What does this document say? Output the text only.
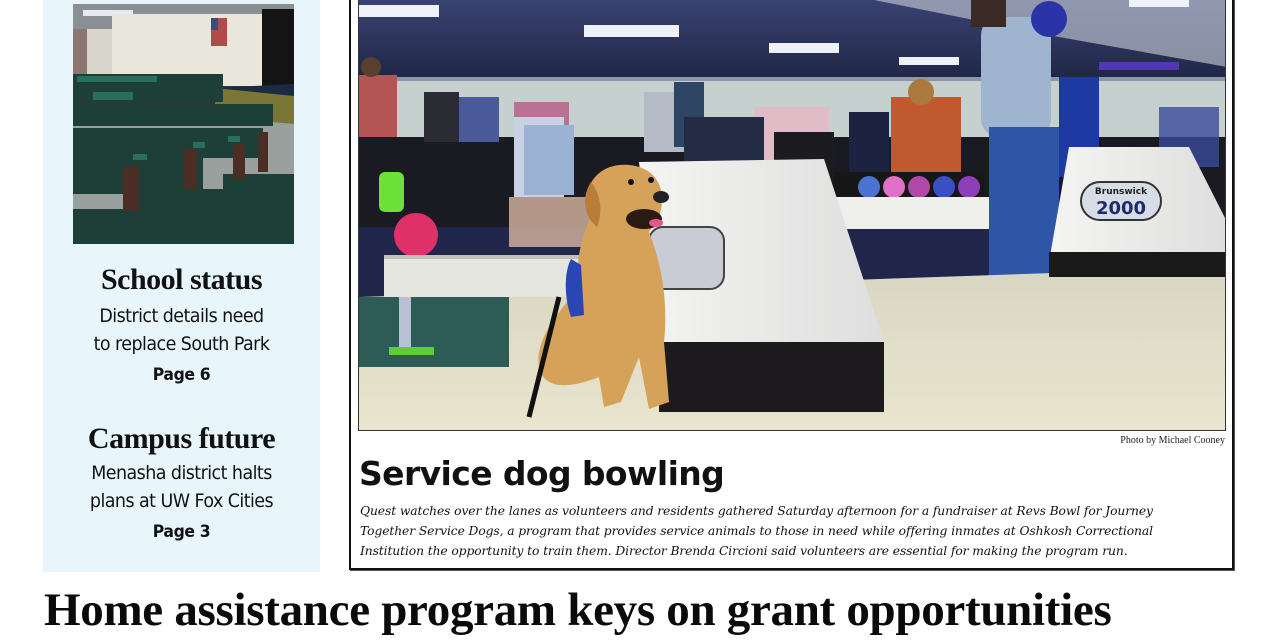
School status
District details need
to replace South Park
Page 6
Campus future
Menasha district halts
plans at UW Fox Cities
Page 3
Brunswick
2000
Photo by Michael Cooney
Service dog bowling
Quest watches over the lanes as volunteers and residents gathered Saturday afternoon for a fundraiser at Revs Bowl for Journey
Together Service Dogs, a program that provides service animals to those in need while offering inmates at Oshkosh Correctional
Institution the opportunity to train them. Director Brenda Circioni said volunteers are essential for making the program run.
Home assistance program keys on grant opportunities
